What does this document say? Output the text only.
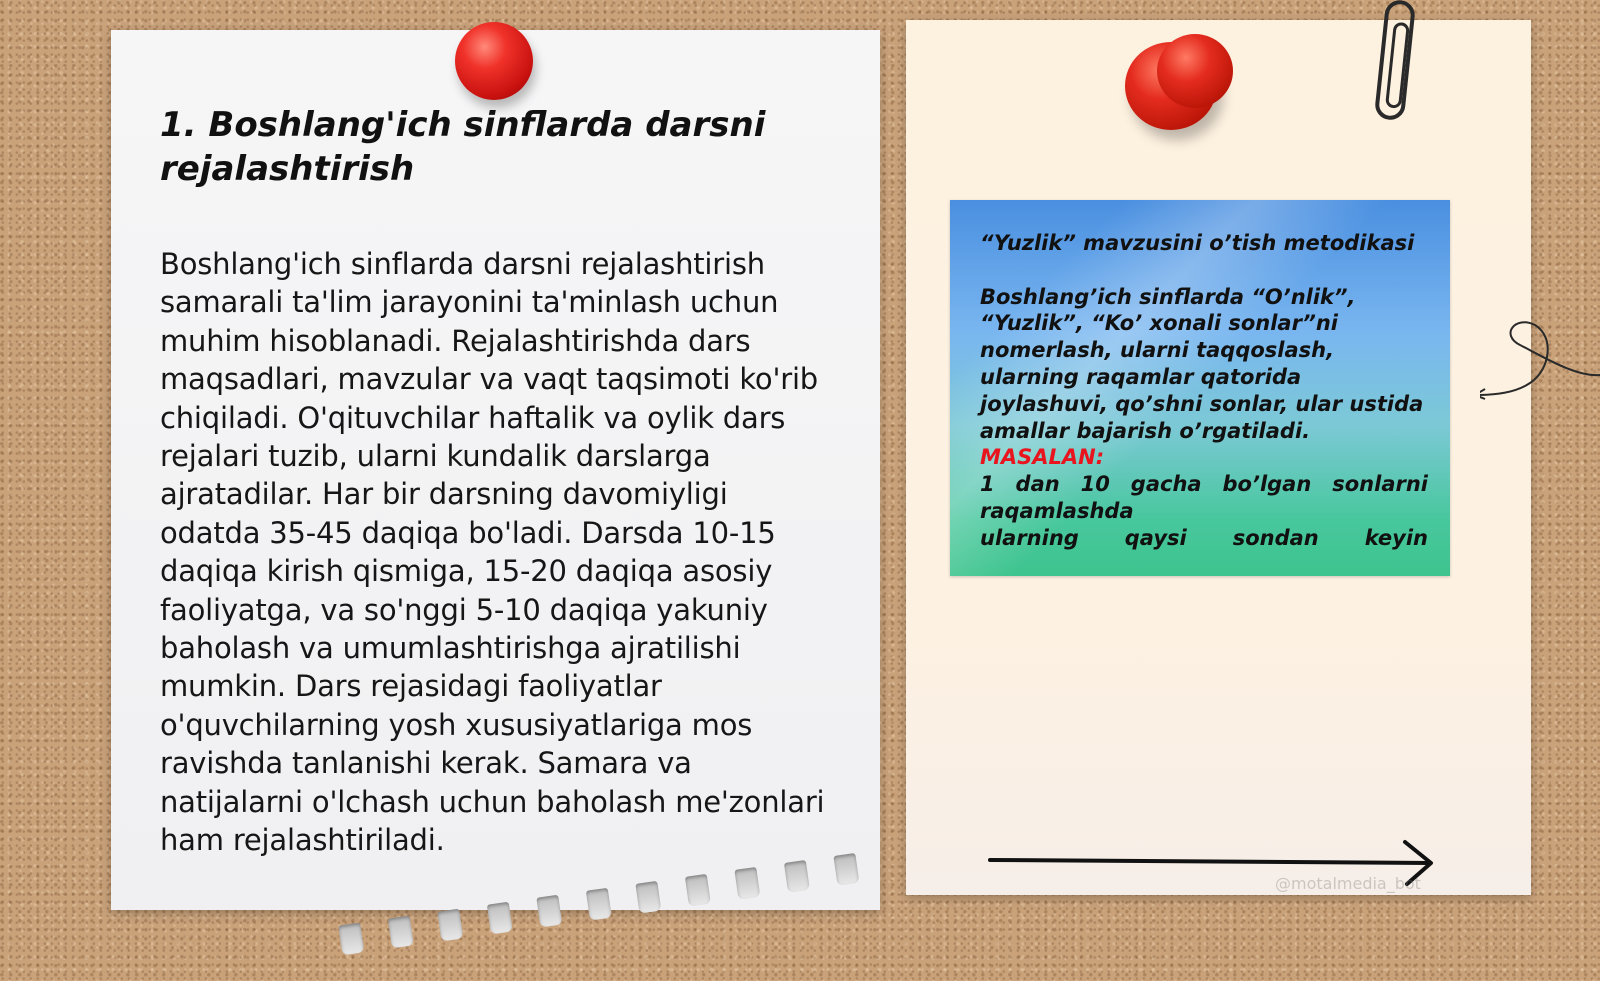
1. Boshlang'ich sinflarda darsni rejalashtirish

Boshlang'ich sinflarda darsni rejalashtirish samarali ta'lim jarayonini ta'minlash uchun muhim hisoblanadi. Rejalashtirishda dars maqsadlari, mavzular va vaqt taqsimoti ko'rib chiqiladi. O'qituvchilar haftalik va oylik dars rejalari tuzib, ularni kundalik darslarga ajratadilar. Har bir darsning davomiyligi odatda 35-45 daqiqa bo'ladi. Darsda 10-15 daqiqa kirish qismiga, 15-20 daqiqa asosiy faoliyatga, va so'nggi 5-10 daqiqa yakuniy baholash va umumlashtirishga ajratilishi mumkin. Dars rejasidagi faoliyatlar o'quvchilarning yosh xususiyatlariga mos ravishda tanlanishi kerak. Samara va natijalarni o'lchash uchun baholash me'zonlari ham rejalashtiriladi.

“Yuzlik” mavzusini o’tish metodikasi

Boshlang’ich sinflarda “O’nlik”, “Yuzlik”, “Ko’ xonali sonlar”ni nomerlash, ularni taqqoslash, ularning raqamlar qatorida joylashuvi, qo’shni sonlar, ular ustida amallar bajarish o’rgatiladi.

MASALAN:

1 dan 10 gacha bo’lgan sonlarni raqamlashda

ularning qaysi sondan keyin

@motalmedia_bot
